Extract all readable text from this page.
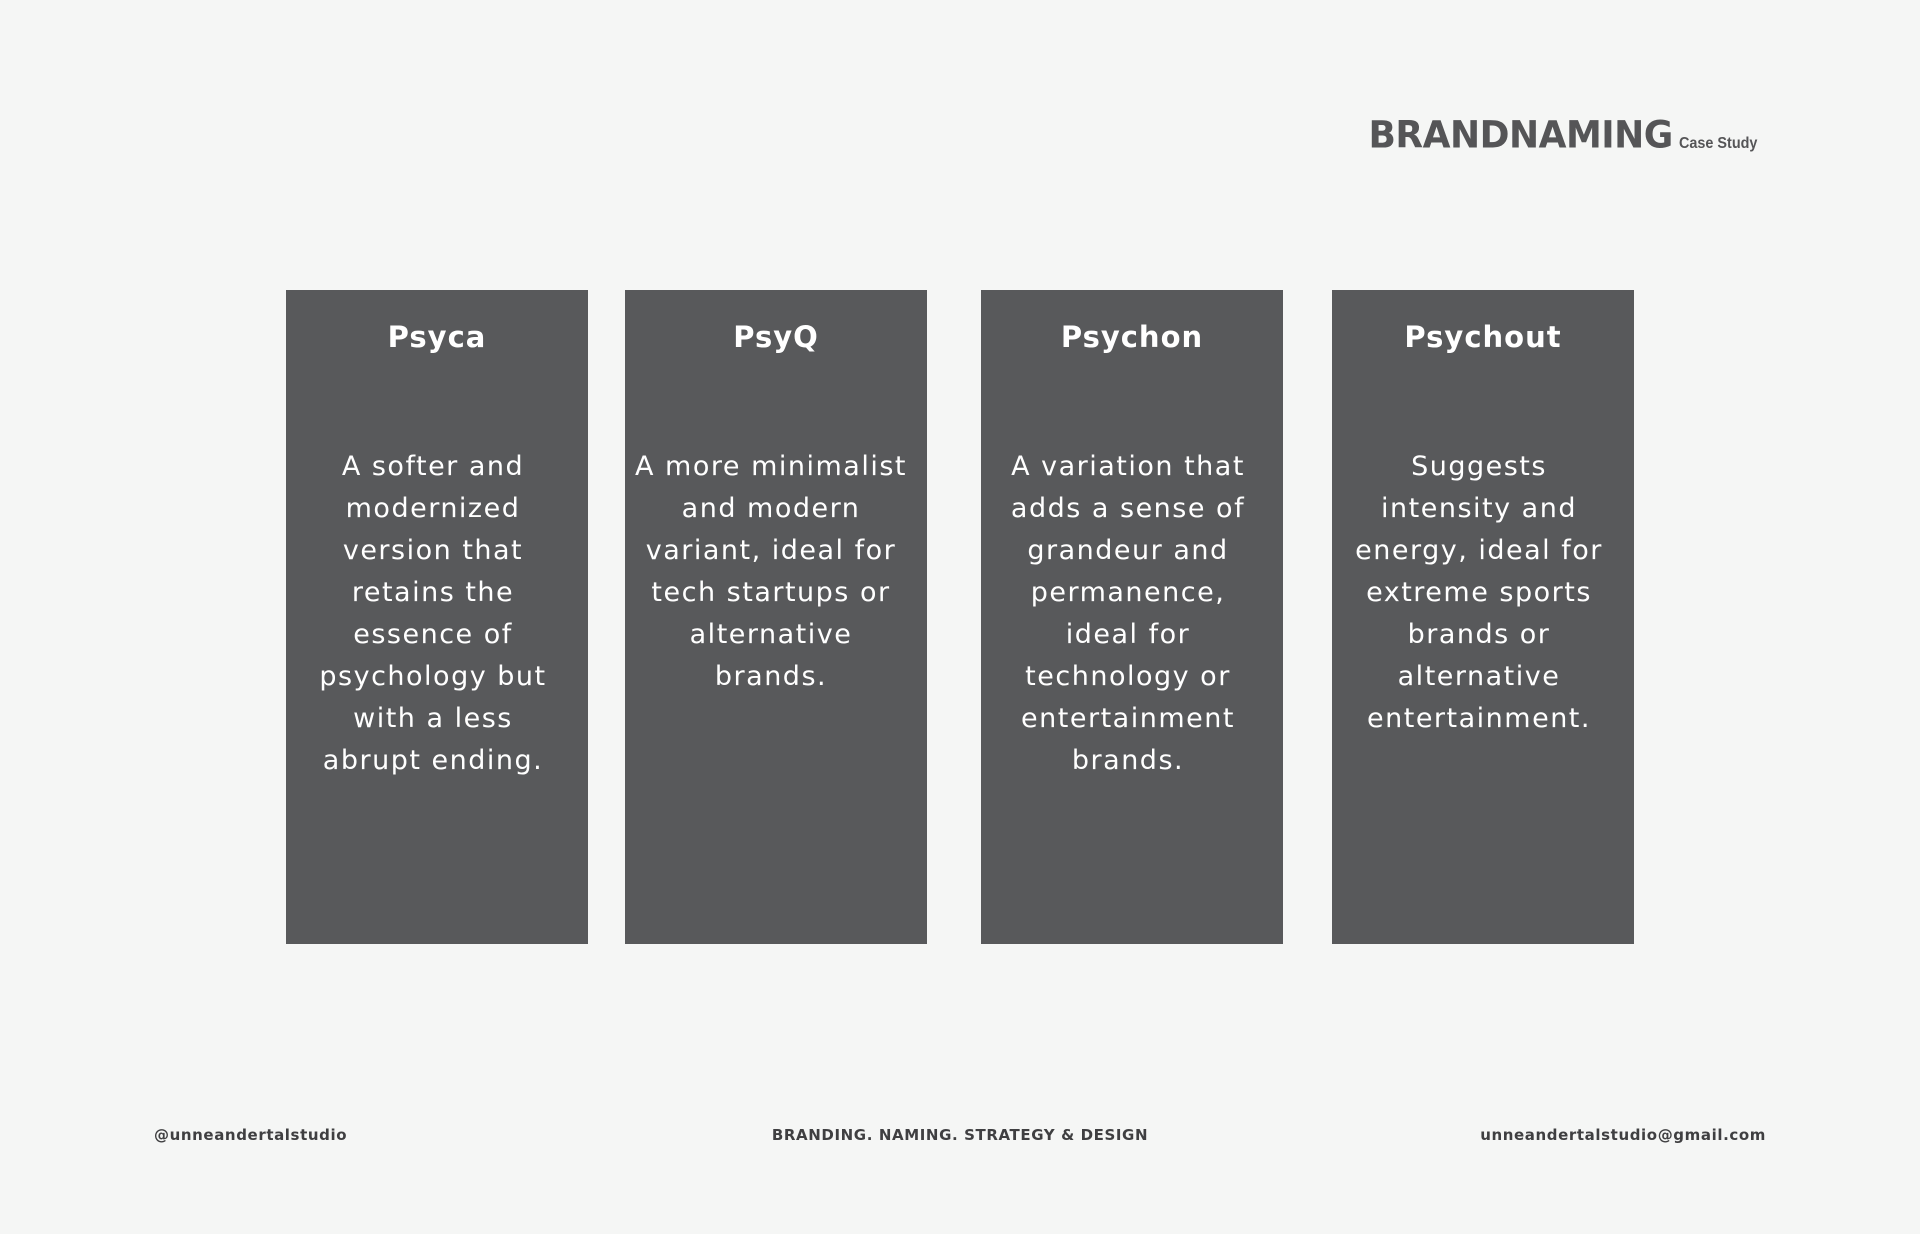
BRANDNAMING Case Study
Psyca

A softer and modernized version that retains the essence of psychology but with a less abrupt ending.

PsyQ

A more minimalist and modern variant, ideal for tech startups or alternative brands.

Psychon

A variation that adds a sense of grandeur and permanence, ideal for technology or entertainment brands.

Psychout

Suggests intensity and energy, ideal for extreme sports brands or alternative entertainment.

@unneandertalstudio	BRANDING. NAMING. STRATEGY & DESIGN	unneandertalstudio@gmail.com
